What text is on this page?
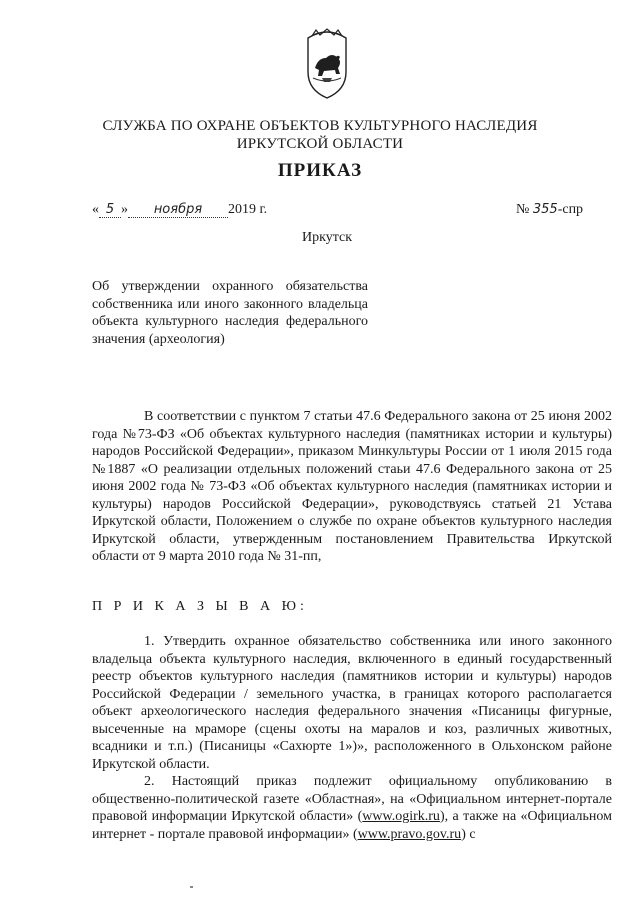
СЛУЖБА ПО ОХРАНЕ ОБЪЕКТОВ КУЛЬТУРНОГО НАСЛЕДИЯ
ИРКУТСКОЙ ОБЛАСТИ
ПРИКАЗ
« 5 » ноября 2019 г.	№ 355-спр
Иркутск
Об утверждении охранного обязательства собственника или иного законного владельца объекта культурного наследия федерального значения (археология)

В соответствии с пунктом 7 статьи 47.6 Федерального закона от 25 июня 2002 года №73-ФЗ «Об объектах культурного наследия (памятниках истории и культуры) народов Российской Федерации», приказом Минкультуры России от 1 июля 2015 года №1887 «О реализации отдельных положений стаьи 47.6 Федерального закона от 25 июня 2002 года № 73-ФЗ «Об объектах культурного наследия (памятниках истории и культуры) народов Российской Федерации», руководствуясь статьей 21 Устава Иркутской области, Положением о службе по охране объектов культурного наследия Иркутской области, утвержденным постановлением Правительства Иркутской области от 9 марта 2010 года № 31-пп,

П Р И К А З Ы В А Ю:

1. Утвердить охранное обязательство собственника или иного законного владельца объекта культурного наследия, включенного в единый государственный реестр объектов культурного наследия (памятников истории и культуры) народов Российской Федерации / земельного участка, в границах которого располагается объект археологического наследия федерального значения «Писаницы фигурные, высеченные на мраморе (сцены охоты на маралов и коз, различных животных, всадники и т.п.) (Писаницы «Сахюрте 1»)», расположенного в Ольхонском районе Иркутской области.

2. Настоящий приказ подлежит официальному опубликованию в общественно-политической газете «Областная», на «Официальном интернет-портале правовой информации Иркутской области» (www.ogirk.ru), а также на «Официальном интернет - портале правовой информации» (www.pravo.gov.ru) с
